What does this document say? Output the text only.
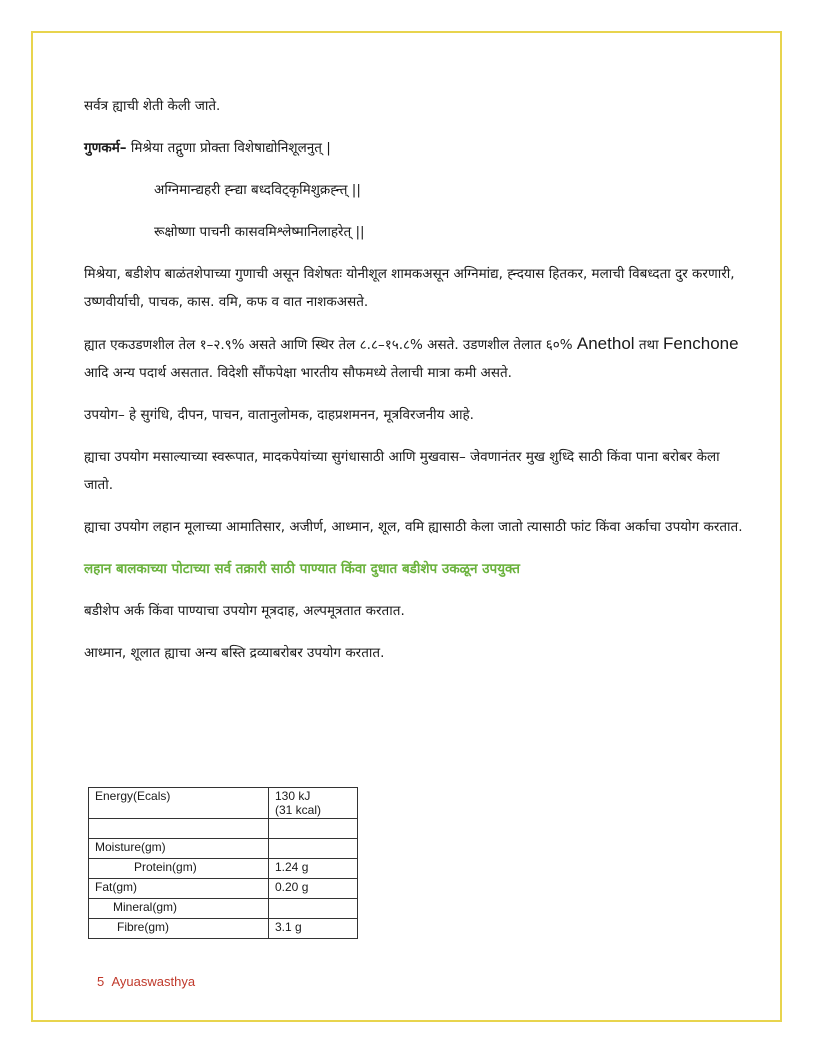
सर्वत्र ह्याची शेती केली जाते.

गुणकर्म– मिश्रेया तद्गुणा प्रोक्ता विशेषाद्योनिशूलनुत् |

अग्निमान्द्यहरी ह्न्द्या बध्दविट्कृमिशुक्रह्न्त् ||

रूक्षोष्णा पाचनी कासवमिश्लेष्मानिलाहरेत् ||

मिश्रेया, बडीशेप बाळंतशेपाच्या गुणाची असून विशेषतः योनीशूल शामकअसून अग्निमांद्य, ह्न्दयास हितकर, मलाची विबध्दता दुर करणारी, उष्णवीर्याची, पाचक, कास. वमि, कफ व वात नाशकअसते.

ह्यात एकउडणशील तेल १–२.९% असते आणि स्थिर तेल ८.८–१५.८% असते. उडणशील तेलात ६०% Anethol तथा Fenchone आदि अन्य पदार्थ असतात. विदेशी सौंफपेक्षा भारतीय सौफमध्ये तेलाची मात्रा कमी असते.

उपयोग– हे सुगंधि, दीपन, पाचन, वातानुलोमक, दाहप्रशमनन, मूत्रविरजनीय आहे.

ह्याचा उपयोग मसाल्याच्या स्वरूपात, मादकपेयांच्या सुगंधासाठी आणि मुखवास– जेवणानंतर मुख शुध्दि साठी किंवा पाना बरोबर केला जातो.

ह्याचा उपयोग लहान मूलाच्या आमातिसार, अजीर्ण, आध्मान, शूल, वमि ह्यासाठी केला जातो त्यासाठी फांट किंवा अर्काचा उपयोग करतात.

लहान बालकाच्या पोटाच्या सर्व तक्रारी साठी पाण्यात किंवा दुधात बडीशेप उकळून उपयुक्त

बडीशेप अर्क किंवा पाण्याचा उपयोग मूत्रदाह, अल्पमूत्रतात करतात.

आध्मान, शूलात ह्याचा अन्य बस्ति द्रव्याबरोबर उपयोग करतात.

Energy(Ecals)	130 kJ
(31 kcal)

Moisture(gm)	
Protein(gm)	1.24 g
Fat(gm)	0.20 g
Mineral(gm)	
Fibre(gm)	3.1 g
5 Ayuaswasthya
